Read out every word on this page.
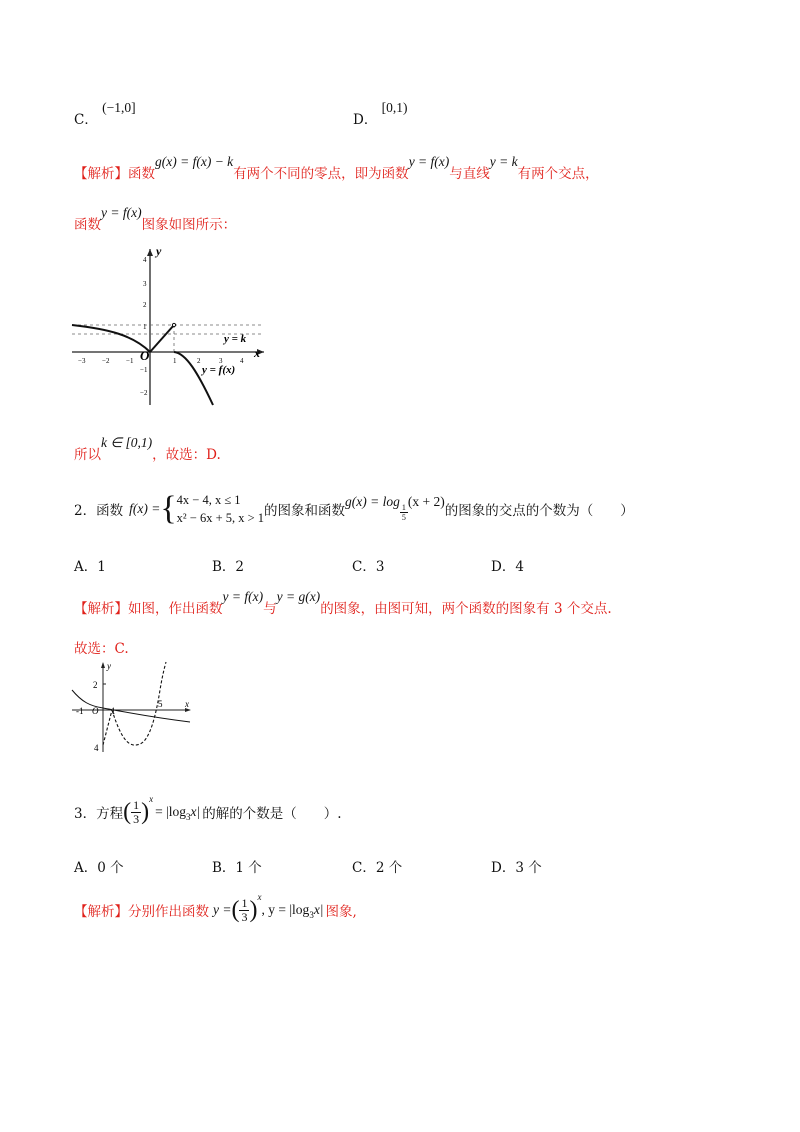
C． (−1,0]
D． [0,1)
【解析】函数g(x) = f(x) − k有两个不同的零点，即为函数y = f(x)与直线y = k有两个交点，
函数y = f(x)图象如图所示：
y
x
O
−3 −2 −1	1	2	3	4
4
3
2
1
−1
−2
y = k
y = f(x)
所以k ∈ [0,1)，故选：D.
2．函数 f(x) = { 4x − 4, x ≤ 1
x² − 6x + 5, x > 1 的图象和函数
g(x) = log
$\frac{1}{5}$
(x + 2)
的图象的交点的个数为（　　）
A．1	B．2	C．3	D．4
【解析】如图，作出函数y = f(x)与y = g(x)的图象，由图可知，两个函数的图象有 3 个交点.
故选：C.
y
x
2
-1 O 1
5
4
3．方程 ( $\frac{1}{3}$ ) x
= |log 3 x| 的解的个数是（　　）.
A．0 个	B．1 个	C．2 个	D．3 个
【解析】 分别作出函数 y = ( $\frac{1}{3}$ ) x
, y = |log 3 x| 图象,
